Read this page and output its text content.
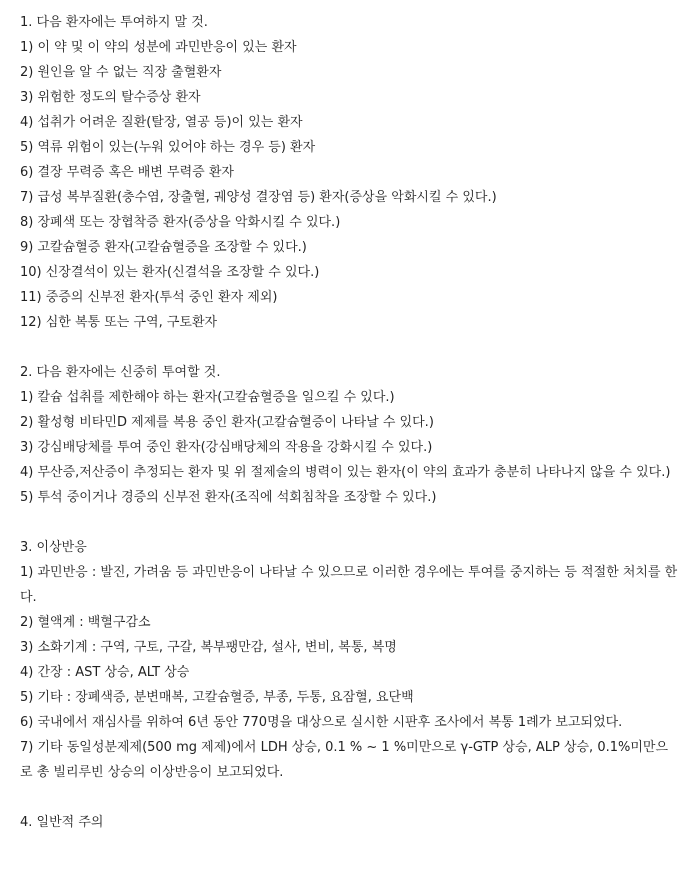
1. 다음 환자에는 투여하지 말 것.
1) 이 약 및 이 약의 성분에 과민반응이 있는 환자
2) 원인을 알 수 없는 직장 출혈환자
3) 위험한 정도의 탈수증상 환자
4) 섭취가 어려운 질환(탈장, 열공 등)이 있는 환자
5) 역류 위험이 있는(누워 있어야 하는 경우 등) 환자
6) 결장 무력증 혹은 배변 무력증 환자
7) 급성 복부질환(충수염, 장출혈, 궤양성 결장염 등) 환자(증상을 악화시킬 수 있다.)
8) 장폐색 또는 장협착증 환자(증상을 악화시킬 수 있다.)
9) 고칼슘혈증 환자(고칼슘혈증을 조장할 수 있다.)
10) 신장결석이 있는 환자(신결석을 조장할 수 있다.)
11) 중증의 신부전 환자(투석 중인 환자 제외)
12) 심한 복통 또는 구역, 구토환자
2. 다음 환자에는 신중히 투여할 것.
1) 칼슘 섭취를 제한해야 하는 환자(고칼슘혈증을 일으킬 수 있다.)
2) 활성형 비타민D 제제를 복용 중인 환자(고칼슘혈증이 나타날 수 있다.)
3) 강심배당체를 투여 중인 환자(강심배당체의 작용을 강화시킬 수 있다.)
4) 무산증,저산증이 추정되는 환자 및 위 절제술의 병력이 있는 환자(이 약의 효과가 충분히 나타나지 않을 수 있다.)
5) 투석 중이거나 경증의 신부전 환자(조직에 석회침착을 조장할 수 있다.)
3. 이상반응
1) 과민반응 : 발진, 가려움 등 과민반응이 나타날 수 있으므로 이러한 경우에는 투여를 중지하는 등 적절한 처치를 한다.
2) 혈액계 : 백혈구감소
3) 소화기계 : 구역, 구토, 구갈, 복부팽만감, 설사, 변비, 복통, 복명
4) 간장 : AST 상승, ALT 상승
5) 기타 : 장폐색증, 분변매복, 고칼슘혈증, 부종, 두통, 요잠혈, 요단백
6) 국내에서 재심사를 위하여 6년 동안 770명을 대상으로 실시한 시판후 조사에서 복통 1례가 보고되었다.
7) 기타 동일성분제제(500 mg 제제)에서 LDH 상승, 0.1 % ~ 1 %미만으로 γ-GTP 상승, ALP 상승, 0.1%미만으로 총 빌리루빈 상승의 이상반응이 보고되었다.
4. 일반적 주의
